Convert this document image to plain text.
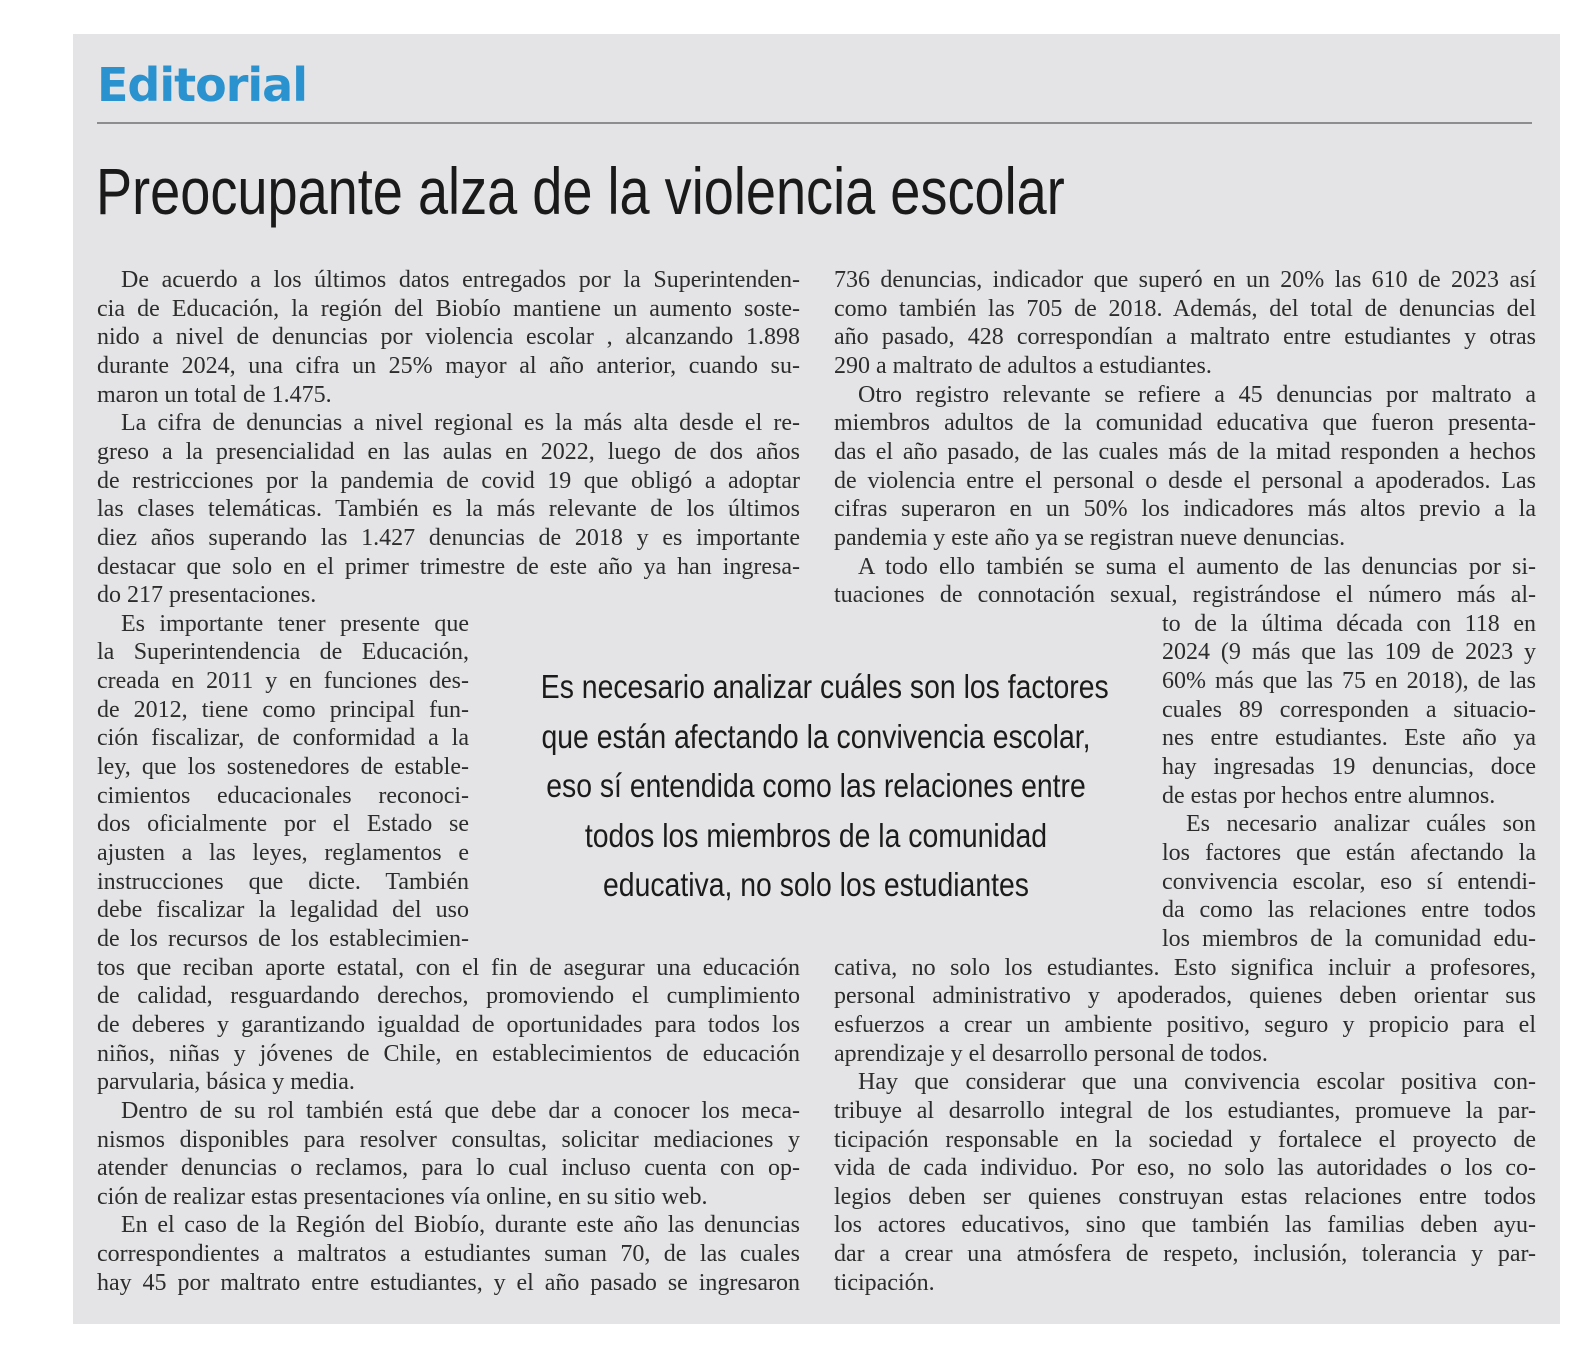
Editorial
Preocupante alza de la violencia escolar

De acuerdo a los últimos datos entregados por la Superintenden-

cia de Educación, la región del Biobío mantiene un aumento soste-

nido a nivel de denuncias por violencia escolar , alcanzando 1.898

durante 2024, una cifra un 25% mayor al año anterior, cuando su-

maron un total de 1.475.

La cifra de denuncias a nivel regional es la más alta desde el re-

greso a la presencialidad en las aulas en 2022, luego de dos años

de restricciones por la pandemia de covid 19 que obligó a adoptar

las clases telemáticas. También es la más relevante de los últimos

diez años superando las 1.427 denuncias de 2018 y es importante

destacar que solo en el primer trimestre de este año ya han ingresa-

do 217 presentaciones.

Es importante tener presente que

la Superintendencia de Educación,

creada en 2011 y en funciones des-

de 2012, tiene como principal fun-

ción fiscalizar, de conformidad a la

ley, que los sostenedores de estable-

cimientos educacionales reconoci-

dos oficialmente por el Estado se

ajusten a las leyes, reglamentos e

instrucciones que dicte. También

debe fiscalizar la legalidad del uso

de los recursos de los establecimien-

tos que reciban aporte estatal, con el fin de asegurar una educación

de calidad, resguardando derechos, promoviendo el cumplimiento

de deberes y garantizando igualdad de oportunidades para todos los

niños, niñas y jóvenes de Chile, en establecimientos de educación

parvularia, básica y media.

Dentro de su rol también está que debe dar a conocer los meca-

nismos disponibles para resolver consultas, solicitar mediaciones y

atender denuncias o reclamos, para lo cual incluso cuenta con op-

ción de realizar estas presentaciones vía online, en su sitio web.

En el caso de la Región del Biobío, durante este año las denuncias

correspondientes a maltratos a estudiantes suman 70, de las cuales

hay 45 por maltrato entre estudiantes, y el año pasado se ingresaron

736 denuncias, indicador que superó en un 20% las 610 de 2023 así

como también las 705 de 2018. Además, del total de denuncias del

año pasado, 428 correspondían a maltrato entre estudiantes y otras

290 a maltrato de adultos a estudiantes.

Otro registro relevante se refiere a 45 denuncias por maltrato a

miembros adultos de la comunidad educativa que fueron presenta-

das el año pasado, de las cuales más de la mitad responden a hechos

de violencia entre el personal o desde el personal a apoderados. Las

cifras superaron en un 50% los indicadores más altos previo a la

pandemia y este año ya se registran nueve denuncias.

A todo ello también se suma el aumento de las denuncias por si-

tuaciones de connotación sexual, registrándose el número más al-

to de la última década con 118 en

2024 (9 más que las 109 de 2023 y

60% más que las 75 en 2018), de las

cuales 89 corresponden a situacio-

nes entre estudiantes. Este año ya

hay ingresadas 19 denuncias, doce

de estas por hechos entre alumnos.

Es necesario analizar cuáles son

los factores que están afectando la

convivencia escolar, eso sí entendi-

da como las relaciones entre todos

los miembros de la comunidad edu-

cativa, no solo los estudiantes. Esto significa incluir a profesores,

personal administrativo y apoderados, quienes deben orientar sus

esfuerzos a crear un ambiente positivo, seguro y propicio para el

aprendizaje y el desarrollo personal de todos.

Hay que considerar que una convivencia escolar positiva con-

tribuye al desarrollo integral de los estudiantes, promueve la par-

ticipación responsable en la sociedad y fortalece el proyecto de

vida de cada individuo. Por eso, no solo las autoridades o los co-

legios deben ser quienes construyan estas relaciones entre todos

los actores educativos, sino que también las familias deben ayu-

dar a crear una atmósfera de respeto, inclusión, tolerancia y par-

ticipación.

Es necesario analizar cuáles son los factores
que están afectando la convivencia escolar,
eso sí entendida como las relaciones entre
todos los miembros de la comunidad
educativa, no solo los estudiantes
